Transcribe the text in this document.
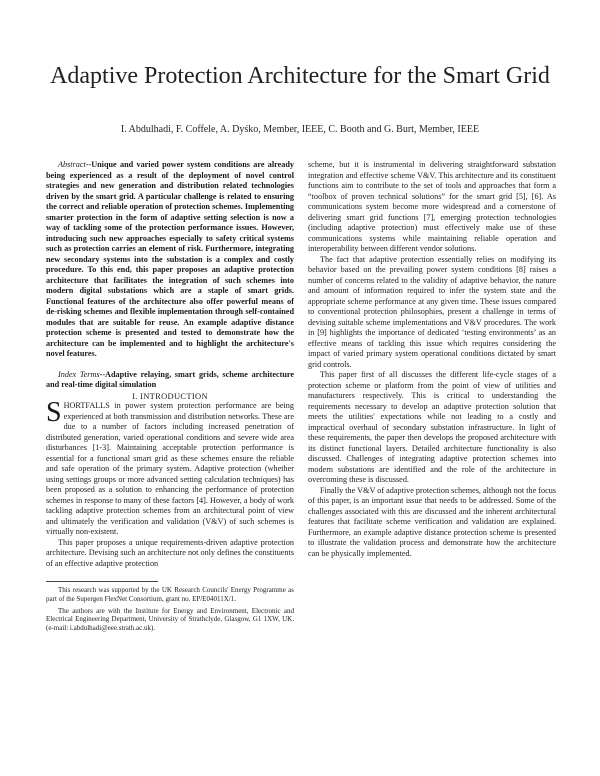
Adaptive Protection Architecture for the Smart Grid
I. Abdulhadi, F. Coffele, A. Dyśko, Member, IEEE, C. Booth and G. Burt, Member, IEEE

Abstract--Unique and varied power system conditions are already being experienced as a result of the deployment of novel control strategies and new generation and distribution related technologies driven by the smart grid. A particular challenge is related to ensuring the correct and reliable operation of protection schemes. Implementing smarter protection in the form of adaptive setting selection is now a way of tackling some of the protection performance issues. However, introducing such new approaches especially to safety critical systems such as protection carries an element of risk. Furthermore, integrating new secondary systems into the substation is a complex and costly procedure. To this end, this paper proposes an adaptive protection architecture that facilitates the integration of such schemes into modern digital substations which are a staple of smart grids. Functional features of the architecture also offer powerful means of de-risking schemes and flexible implementation through self-contained modules that are suitable for reuse. An example adaptive distance protection scheme is presented and tested to demonstrate how the architecture can be implemented and to highlight the architecture's novel features.

Index Terms--Adaptive relaying, smart grids, scheme architecture and real-time digital simulation

I. INTRODUCTION

SHORTFALLS in power system protection performance are being experienced at both transmission and distribution networks. These are due to a number of factors including increased penetration of distributed generation, varied operational conditions and severe wide area disturbances [1-3]. Maintaining acceptable protection performance is essential for a functional smart grid as these schemes ensure the reliable and safe operation of the primary system. Adaptive protection (whether using settings groups or more advanced setting calculation techniques) has been proposed as a solution to enhancing the performance of protection schemes in response to many of these factors [4]. However, a body of work tackling adaptive protection schemes from an architectural point of view and ultimately the verification and validation (V&V) of such schemes is virtually non-existent.

This paper proposes a unique requirements-driven adaptive protection architecture. Devising such an architecture not only defines the constituents of an effective adaptive protection

This research was supported by the UK Research Councils' Energy Programme as part of the Supergen FlexNet Consortium, grant no. EP/E04011X/1.

The authors are with the Institute for Energy and Environment, Electronic and Electrical Engineering Department, University of Strathclyde, Glasgow, G1 1XW, UK. (e-mail: i.abdulhadi@eee.strath.ac.uk).

scheme, but it is instrumental in delivering straightforward substation integration and effective scheme V&V. This architecture and its constituent functions aim to contribute to the set of tools and approaches that form a “toolbox of proven technical solutions” for the smart grid [5], [6]. As communications system become more widespread and a cornerstone of delivering smart grid functions [7], emerging protection technologies (including adaptive protection) must effectively make use of these communications systems while maintaining reliable operation and interoperability between different vendor solutions.

The fact that adaptive protection essentially relies on modifying its behavior based on the prevailing power system conditions [8] raises a number of concerns related to the validity of adaptive behavior, the nature and amount of information required to infer the system state and the appropriate scheme performance at any given time. These issues compared to conventional protection philosophies, present a challenge in terms of devising suitable scheme implementations and V&V procedures. The work in [9] highlights the importance of dedicated ‘testing environments’ as an effective means of tackling this issue which requires considering the impact of varied primary system operational conditions dictated by smart grid controls.

This paper first of all discusses the different life-cycle stages of a protection scheme or platform from the point of view of utilities and manufacturers respectively. This is critical to understanding the requirements necessary to develop an adaptive protection solution that meets the utilities' expectations while not leading to a costly and impractical overhaul of secondary substation infrastructure. In light of these requirements, the paper then develops the proposed architecture with its distinct functional layers. Detailed architecture functionality is also discussed. Challenges of integrating adaptive protection schemes into modern substations are identified and the role of the architecture in overcoming these is discussed.

Finally the V&V of adaptive protection schemes, although not the focus of this paper, is an important issue that needs to be addressed. Some of the challenges associated with this are discussed and the inherent architectural features that facilitate scheme verification and validation are explained. Furthermore, an example adaptive distance protection scheme is presented to illustrate the validation process and demonstrate how the architecture can be physically implemented.
